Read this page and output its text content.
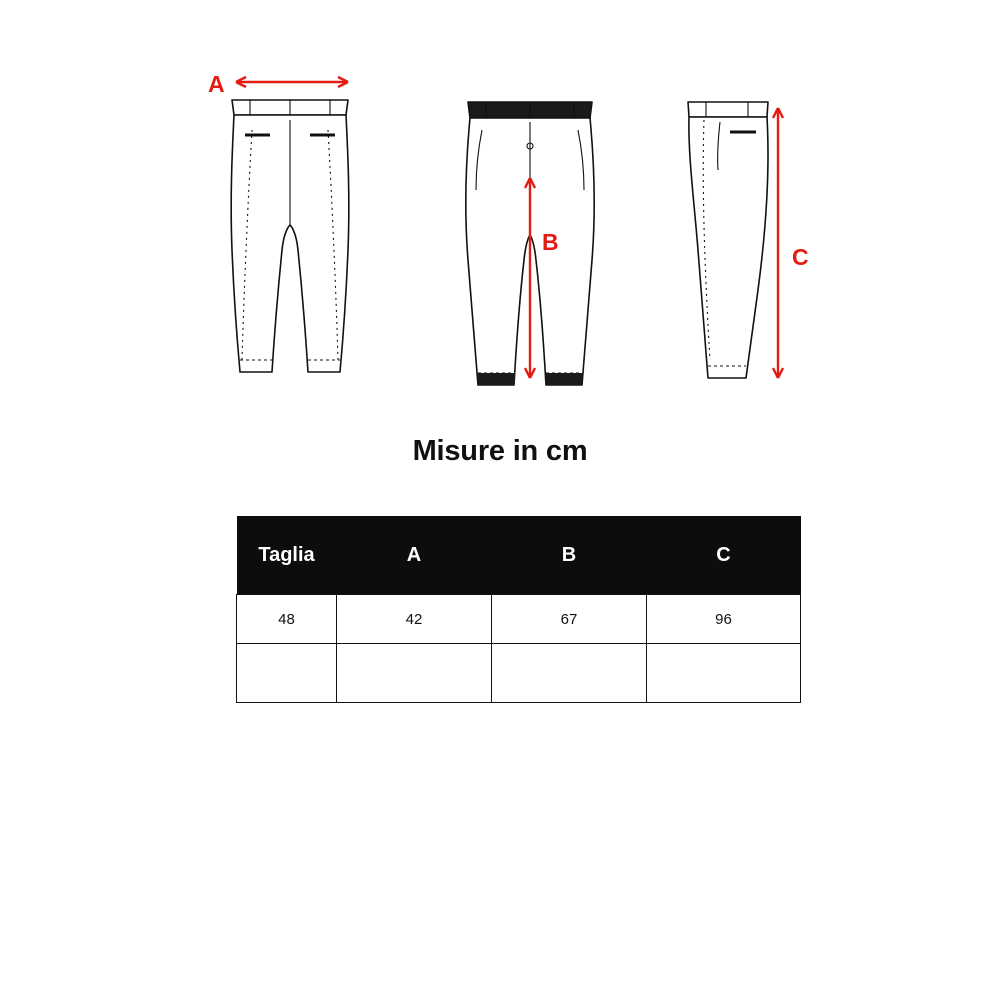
A
B
C
Misure in cm
Taglia	A	B	C
48	42	67	96
